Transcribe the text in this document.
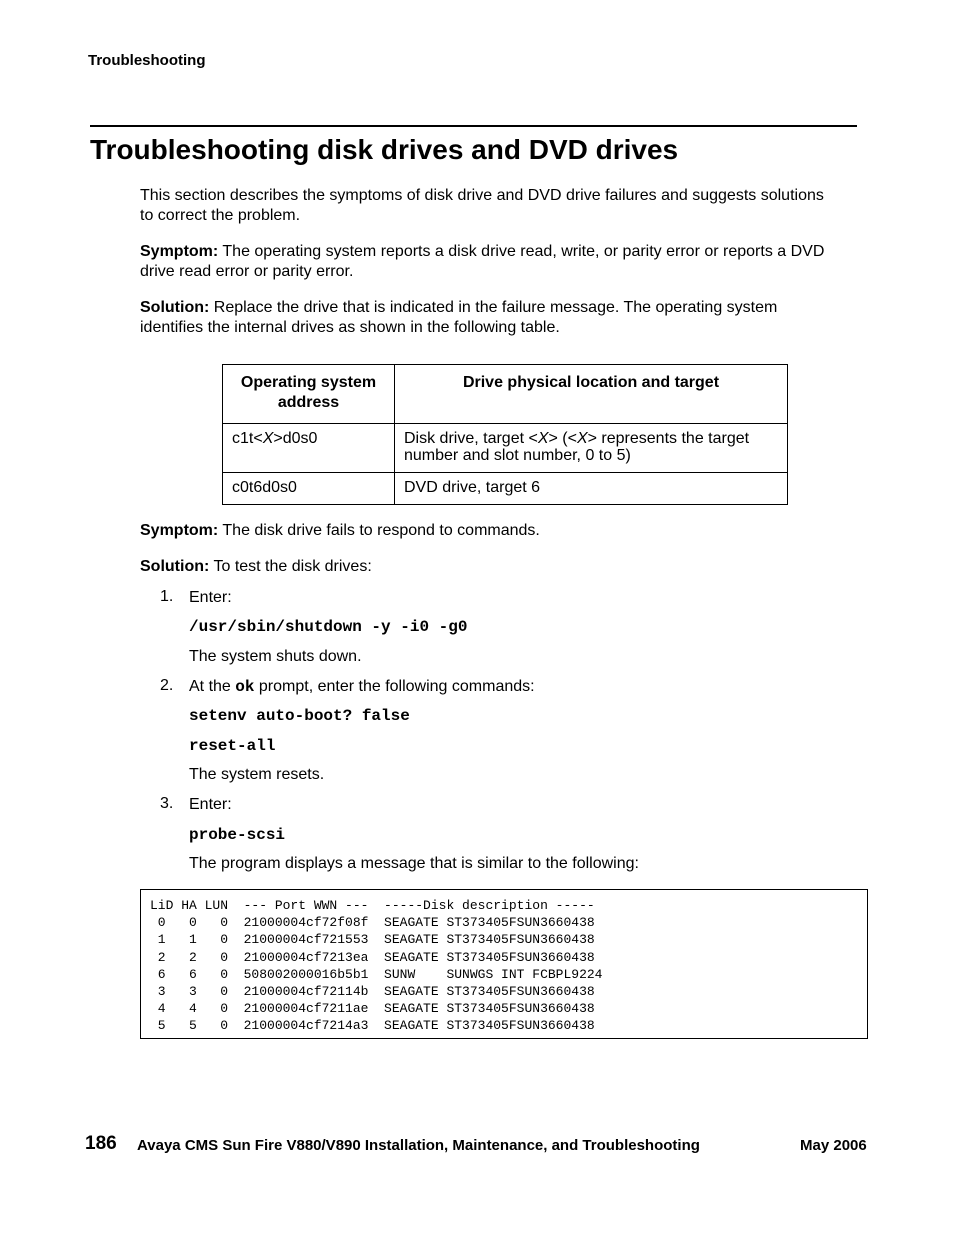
Troubleshooting
Troubleshooting disk drives and DVD drives

This section describes the symptoms of disk drive and DVD drive failures and suggests solutions to correct the problem.

Symptom: The operating system reports a disk drive read, write, or parity error or reports a DVD drive read error or parity error.

Solution: Replace the drive that is indicated in the failure message. The operating system identifies the internal drives as shown in the following table.

Operating system address	Drive physical location and target
c1t<X>d0s0	Disk drive, target <X> (<X> represents the target number and slot number, 0 to 5)
c0t6d0s0	DVD drive, target 6

Symptom: The disk drive fails to respond to commands.

Solution: To test the disk drives:

1. Enter:
/usr/sbin/shutdown -y -i0 -g0
The system shuts down.
2. At the ok prompt, enter the following commands:
setenv auto-boot? false
reset-all
The system resets.
3. Enter:
probe-scsi
The program displays a message that is similar to the following:
LiD HA LUN  --- Port WWN ---  -----Disk description -----
0   0   0  21000004cf72f08f  SEAGATE ST373405FSUN3660438
1   1   0  21000004cf721553  SEAGATE ST373405FSUN3660438
2   2   0  21000004cf7213ea  SEAGATE ST373405FSUN3660438
6   6   0  508002000016b5b1  SUNW    SUNWGS INT FCBPL9224
3   3   0  21000004cf72114b  SEAGATE ST373405FSUN3660438
4   4   0  21000004cf7211ae  SEAGATE ST373405FSUN3660438
5   5   0  21000004cf7214a3  SEAGATE ST373405FSUN3660438
186 Avaya CMS Sun Fire V880/V890 Installation, Maintenance, and Troubleshooting	May 2006
